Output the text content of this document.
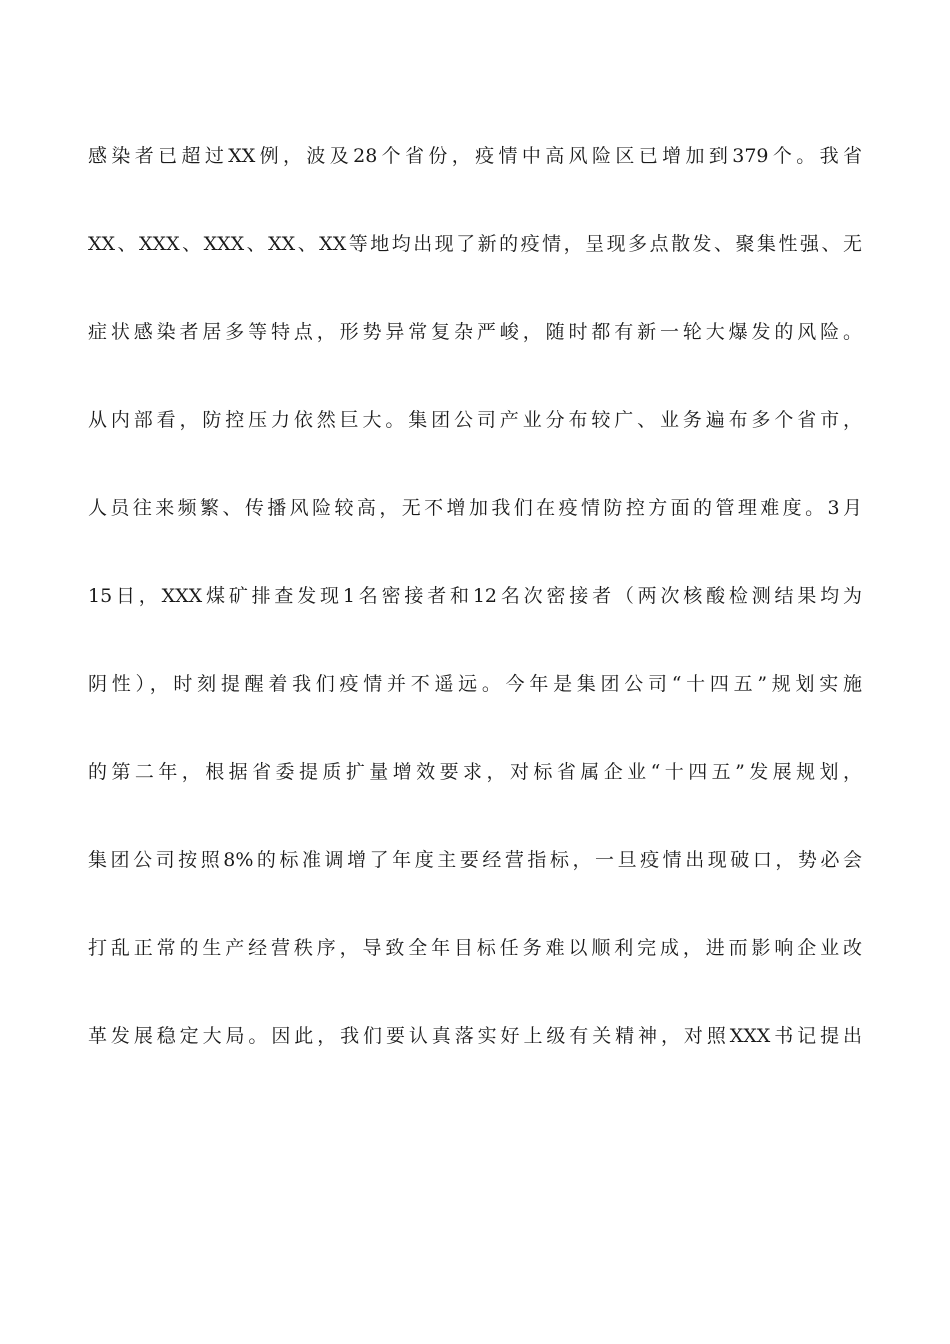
感染者已超过XX例，波及28个省份，疫情中高风险区已增加到379个。我省
XX、XXX、XXX、XX、XX等地均出现了新的疫情，呈现多点散发、聚集性强、无
症状感染者居多等特点，形势异常复杂严峻，随时都有新一轮大爆发的风险。
从内部看，防控压力依然巨大。集团公司产业分布较广、业务遍布多个省市，
人员往来频繁、传播风险较高，无不增加我们在疫情防控方面的管理难度。3月
15日，XXX煤矿排查发现1名密接者和12名次密接者（两次核酸检测结果均为
阴性），时刻提醒着我们疫情并不遥远。今年是集团公司“十四五”规划实施
的第二年，根据省委提质扩量增效要求，对标省属企业“十四五”发展规划，
集团公司按照8%的标准调增了年度主要经营指标，一旦疫情出现破口，势必会
打乱正常的生产经营秩序，导致全年目标任务难以顺利完成，进而影响企业改
革发展稳定大局。因此，我们要认真落实好上级有关精神，对照XXX书记提出
